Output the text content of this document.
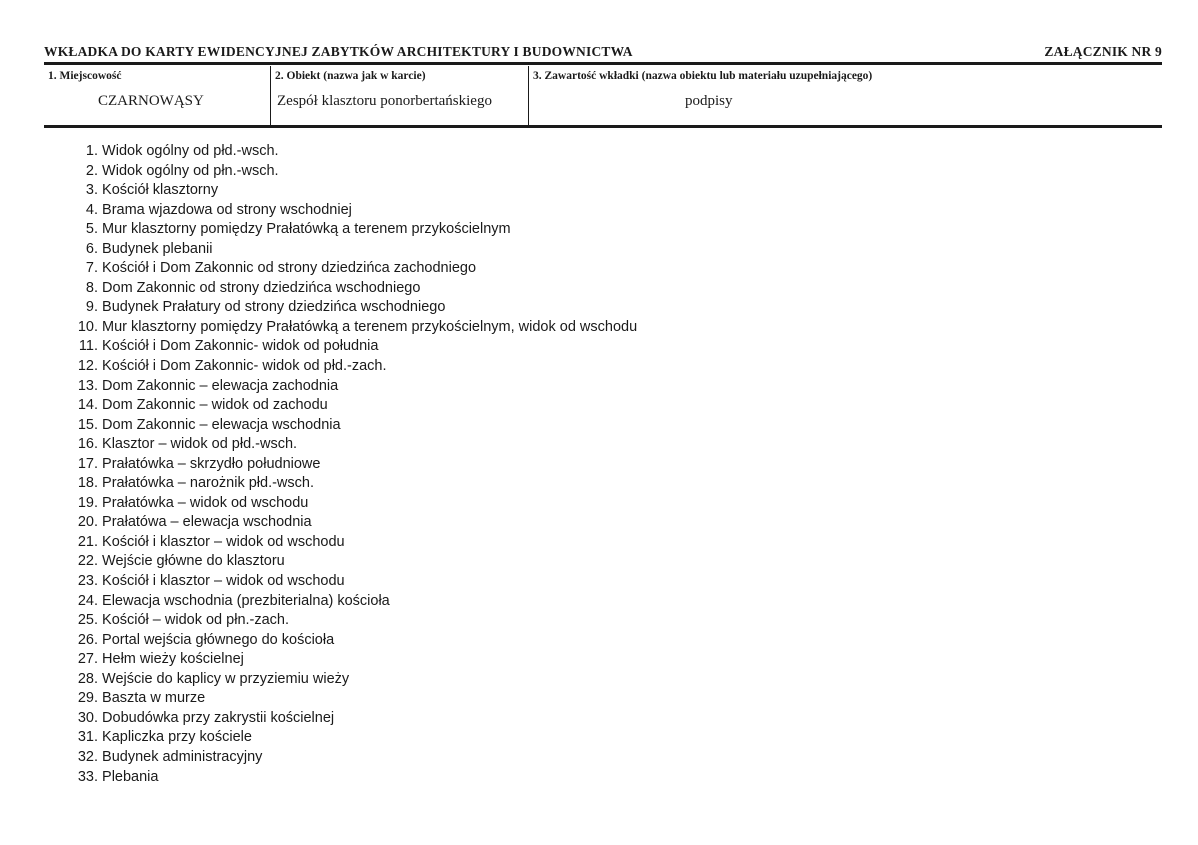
WKŁADKA DO KARTY EWIDENCYJNEJ ZABYTKÓW ARCHITEKTURY I BUDOWNICTWA	ZAŁĄCZNIK NR 9
1. Miejscowość
CZARNOWĄSY
2. Obiekt (nazwa jak w karcie)
Zespół klasztoru ponorbertańskiego
3. Zawartość wkładki (nazwa obiektu lub materiału uzupełniającego)
podpisy
1. Widok ogólny od płd.-wsch.
2. Widok ogólny od płn.-wsch.
3. Kościół klasztorny
4. Brama wjazdowa od strony wschodniej
5. Mur klasztorny pomiędzy Prałatówką a terenem przykościelnym
6. Budynek plebanii
7. Kościół i Dom Zakonnic od strony dziedzińca zachodniego
8. Dom Zakonnic od strony dziedzińca wschodniego
9. Budynek Prałatury od strony dziedzińca wschodniego
10. Mur klasztorny pomiędzy Prałatówką a terenem przykościelnym, widok od wschodu
11. Kościół i Dom Zakonnic- widok od południa
12. Kościół i Dom Zakonnic- widok od płd.-zach.
13. Dom Zakonnic – elewacja zachodnia
14. Dom Zakonnic – widok od zachodu
15. Dom Zakonnic – elewacja wschodnia
16. Klasztor – widok od płd.-wsch.
17. Prałatówka – skrzydło południowe
18. Prałatówka – narożnik płd.-wsch.
19. Prałatówka – widok od wschodu
20. Prałatówa – elewacja wschodnia
21. Kościół i klasztor – widok od wschodu
22. Wejście główne do klasztoru
23. Kościół i klasztor – widok od wschodu
24. Elewacja wschodnia (prezbiterialna) kościoła
25. Kościół – widok od płn.-zach.
26. Portal wejścia głównego do kościoła
27. Hełm wieży kościelnej
28. Wejście do kaplicy w przyziemiu wieży
29. Baszta w murze
30. Dobudówka przy zakrystii kościelnej
31. Kapliczka przy kościele
32. Budynek administracyjny
33. Plebania
